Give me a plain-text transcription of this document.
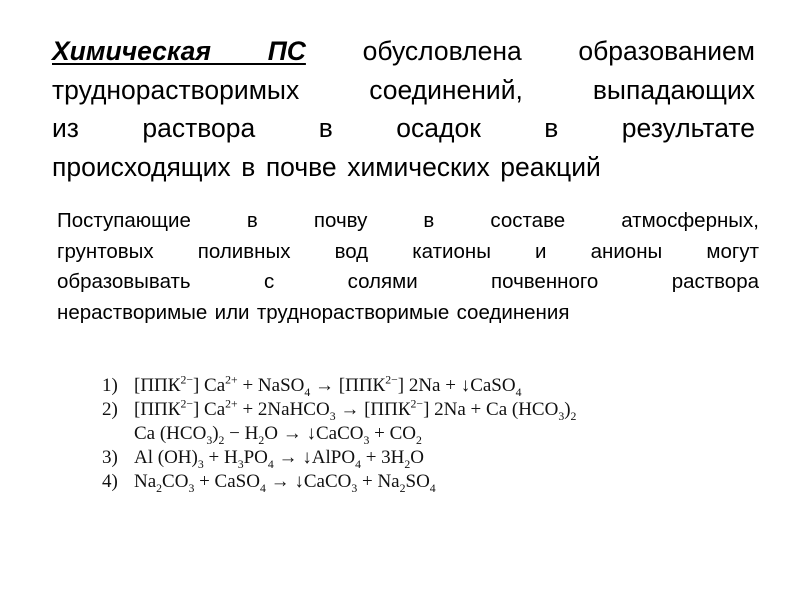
Химическая ПС обусловлена образованием
труднорастворимых соединений, выпадающих
из раствора в осадок в результате
происходящих в почве химических реакций
Поступающие в почву в составе атмосферных,
грунтовых поливных вод катионы и анионы могут
образовывать с солями почвенного раствора
нерастворимые или труднорастворимые соединения
1) $[ППК^{2-}] Ca^{2+}$ + NaSO$_4$ → $[ППК^{2-}] 2Na$ + ↓CaSO$_4$
2) $[ППК^{2-}] Ca^{2+}$ + 2NaHCO$_3$ → $[ППК^{2-}] 2Na + Ca$ $(HCO_3)_2$
Ca $(HCO_3)_2 - H_2O$ → ↓CaCO$_3$ + $CO_2$
3) Al $(OH)_3 + H_3PO_4$ → ↓AlPO$_4$ + $3H_2O$
4) $Na_2CO_3$ + CaSO$_4$ → ↓CaCO$_3$ + $Na_2SO_4$
